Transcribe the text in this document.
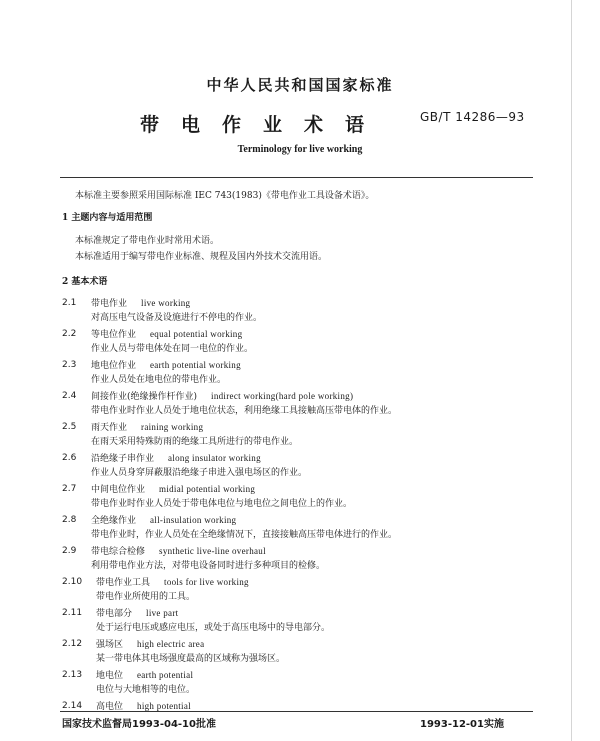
中华人民共和国国家标准
带电作业术语	GB/T 14286—93
Terminology for live working
本标准主要参照采用国际标准 IEC 743(1983)《带电作业工具设备术语》。
1 主题内容与适用范围
本标准规定了带电作业时常用术语。
本标准适用于编写带电作业标准、规程及国内外技术交流用语。
2 基本术语
2.1 带电作业 live working
对高压电气设备及设施进行不停电的作业。
2.2 等电位作业 equal potential working
作业人员与带电体处在同一电位的作业。
2.3 地电位作业 earth potential working
作业人员处在地电位的带电作业。
2.4 间接作业(绝缘操作杆作业) indirect working(hard pole working)
带电作业时作业人员处于地电位状态，利用绝缘工具接触高压带电体的作业。
2.5 雨天作业 raining working
在雨天采用特殊防雨的绝缘工具所进行的带电作业。
2.6 沿绝缘子串作业 along insulator working
作业人员身穿屏蔽服沿绝缘子串进入强电场区的作业。
2.7 中间电位作业 midial potential working
带电作业时作业人员处于带电体电位与地电位之间电位上的作业。
2.8 全绝缘作业 all-insulation working
带电作业时，作业人员处在全绝缘情况下，直接接触高压带电体进行的作业。
2.9 带电综合检修 synthetic live-line overhaul
利用带电作业方法，对带电设备同时进行多种项目的检修。
2.10 带电作业工具 tools for live working
带电作业所使用的工具。
2.11 带电部分 live part
处于运行电压或感应电压，或处于高压电场中的导电部分。
2.12 强场区 high electric area
某一带电体其电场强度最高的区域称为强场区。
2.13 地电位 earth potential
电位与大地相等的电位。
2.14 高电位 high potential
国家技术监督局1993-04-10批准	1993-12-01实施
